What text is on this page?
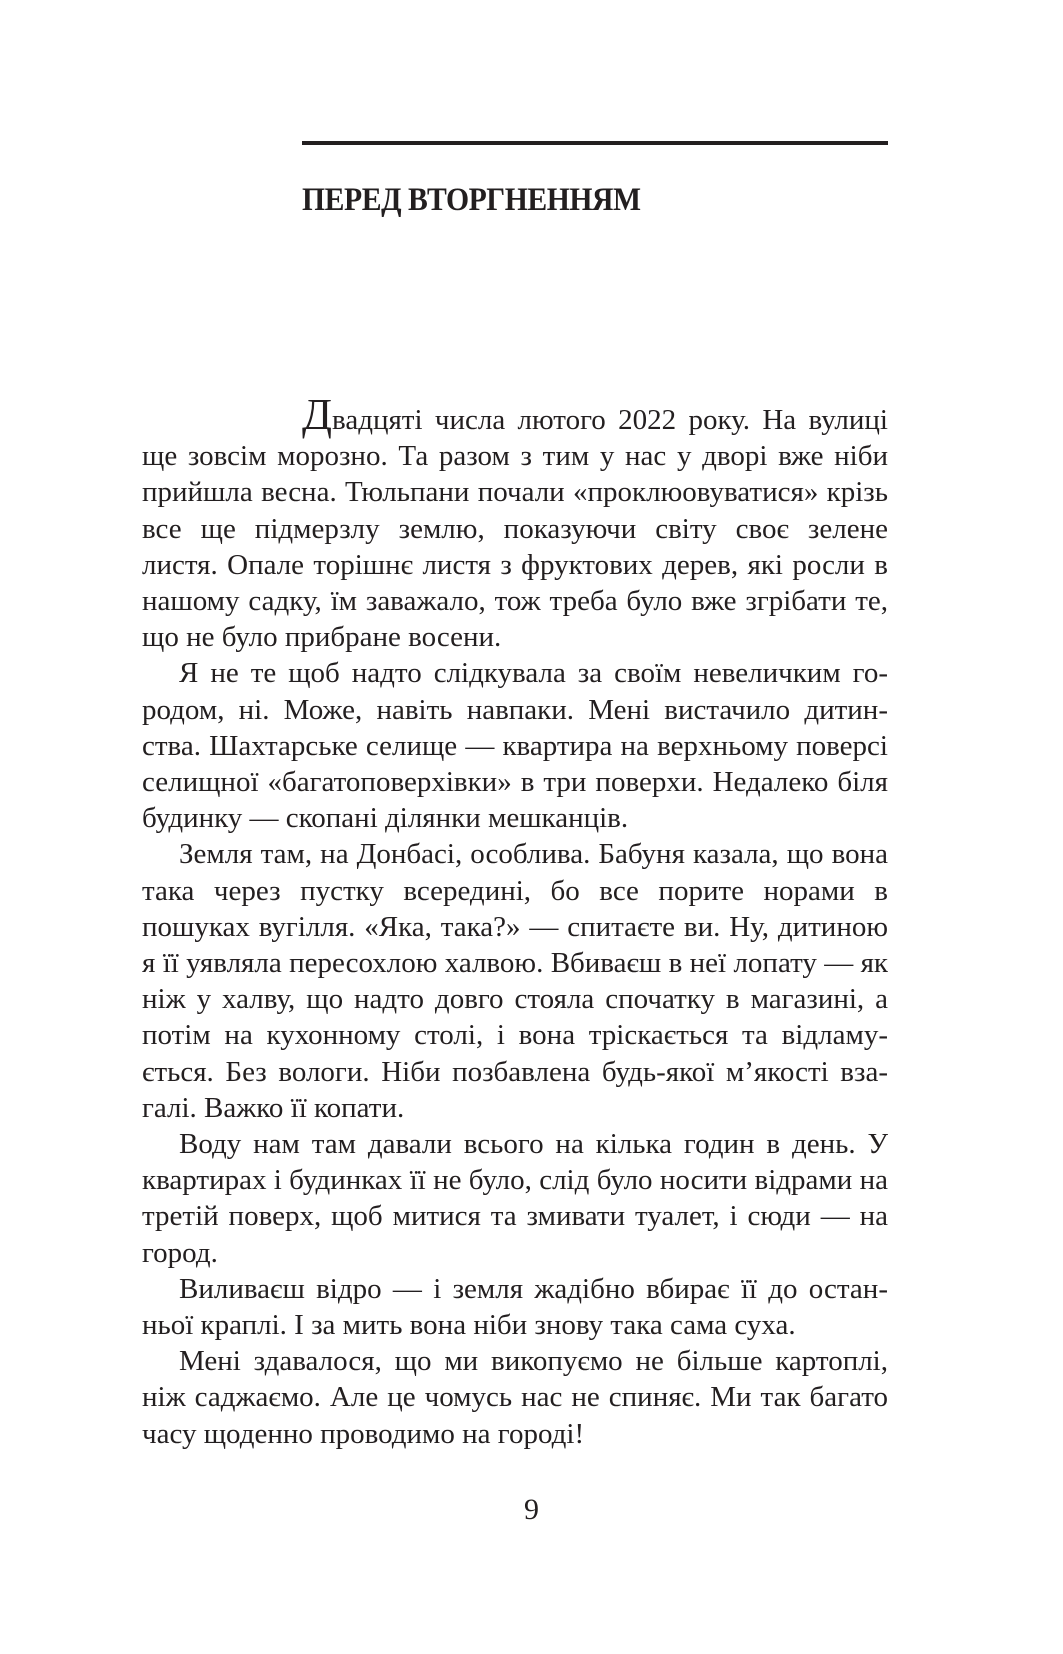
ПЕРЕД ВТОРГНЕННЯМ

Двадцяті числа лютого 2022 року. На вулиці ще зовсім морозно. Та разом з тим у нас у дворі вже ніби прийшла весна. Тюльпани почали «проклюовуватися» крізь все ще підмерзлу землю, показуючи світу своє зелене листя. Опале торішнє листя з фруктових дерев, які росли в нашому садку, їм заважало, тож треба було вже згрібати те, що не було прибране восени.

Я не те щоб надто слідкувала за своїм невеличким городом, ні. Може, навіть навпаки. Мені вистачило дитинства. Шахтарське селище — квартира на верхньому поверсі селищної «багатоповерхівки» в три поверхи. Недалеко біля будинку — скопані ділянки мешканців.

Земля там, на Донбасі, особлива. Бабуня казала, що вона така через пустку всередині, бо все порите норами в пошуках вугілля. «Яка, така?» — спитаєте ви. Ну, дитиною я її уявляла пересохлою халвою. Вбиваєш в неї лопату — як ніж у халву, що надто довго стояла спочатку в магазині, а потім на кухонному столі, і вона тріскається та відламується. Без вологи. Ніби позбавлена будь-якої м’якості взагалі. Важко її копати.

Воду нам там давали всього на кілька годин в день. У квартирах і будинках її не було, слід було носити відрами на третій поверх, щоб митися та змивати туалет, і сюди — на город.

Виливаєш відро — і земля жадібно вбирає її до останньої краплі. І за мить вона ніби знову така сама суха.

Мені здавалося, що ми викопуємо не більше картоплі, ніж саджаємо. Але це чомусь нас не спиняє. Ми так багато часу щоденно проводимо на городі!

9
